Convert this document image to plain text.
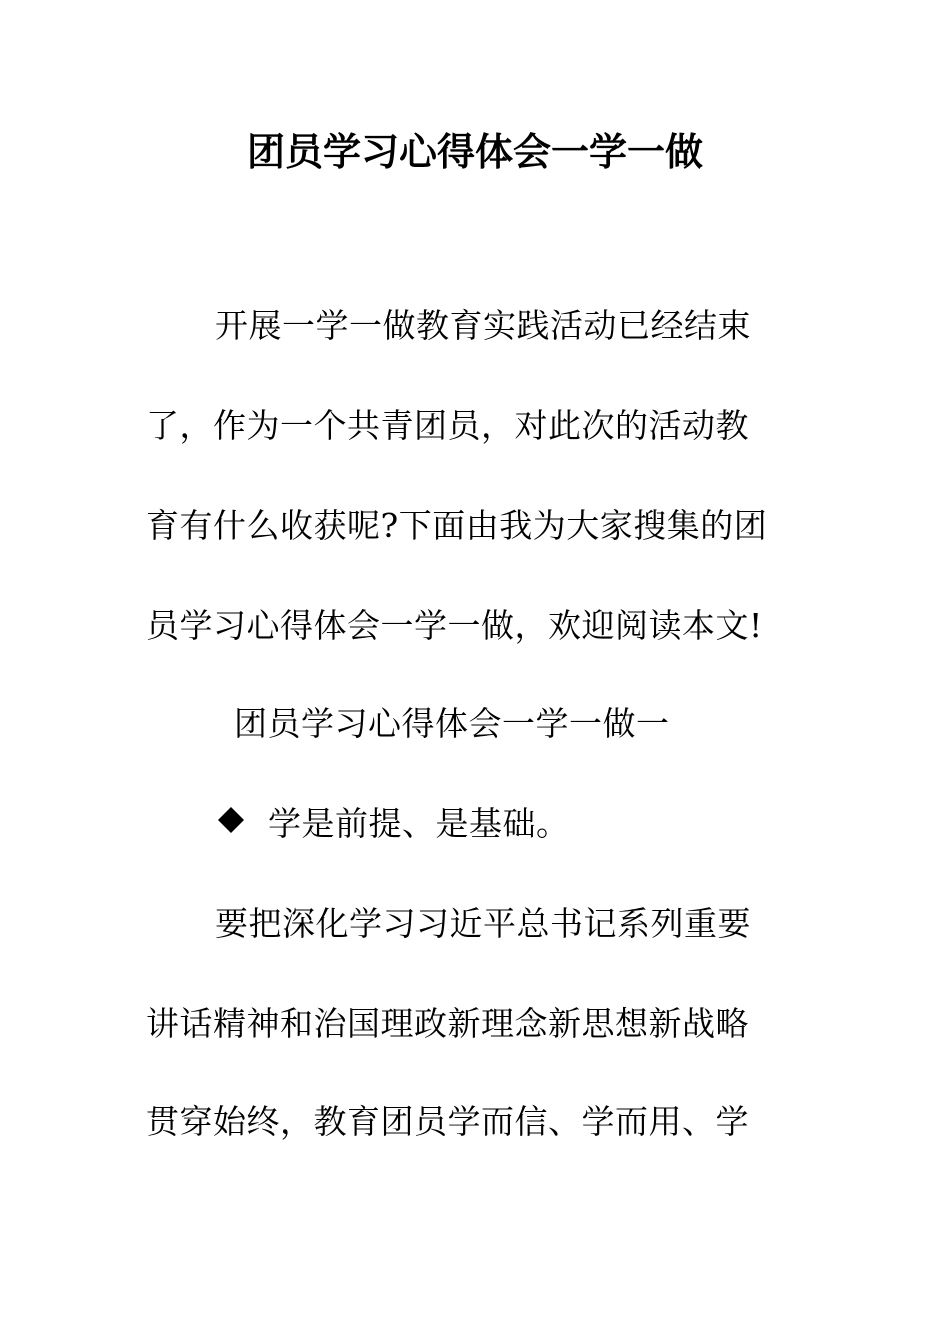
团员学习心得体会一学一做
开展一学一做教育实践活动已经结束
了，作为一个共青团员，对此次的活动教
育有什么收获呢?下面由我为大家搜集的团
员学习心得体会一学一做，欢迎阅读本文!
团员学习心得体会一学一做一
学是前提、是基础。
要把深化学习习近平总书记系列重要
讲话精神和治国理政新理念新思想新战略
贯穿始终，教育团员学而信、学而用、学
